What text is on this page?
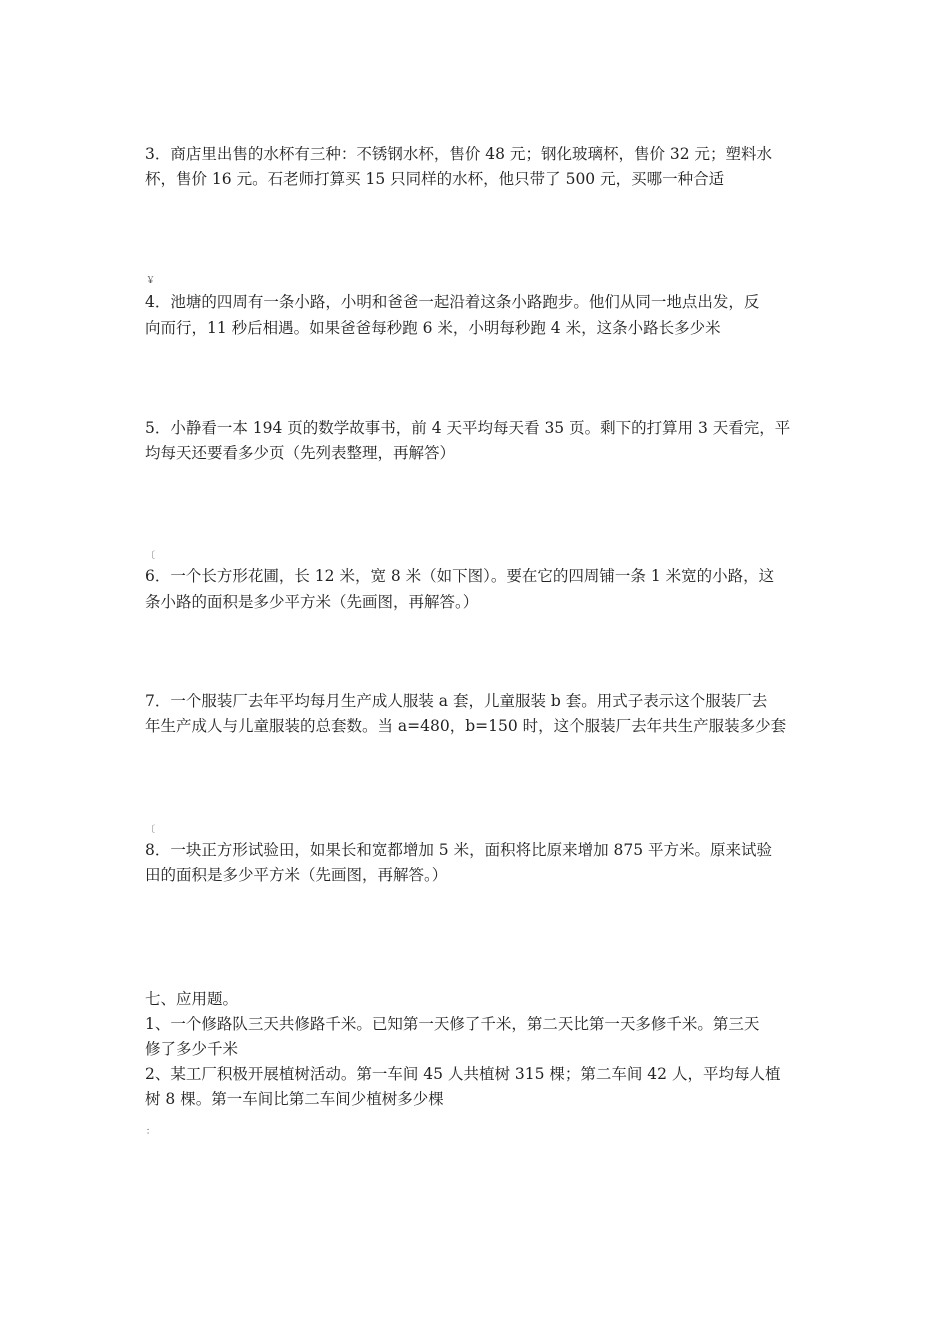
3．商店里出售的水杯有三种：不锈钢水杯，售价 48 元；钢化玻璃杯，售价 32 元；塑料水
杯，售价 16 元。石老师打算买 15 只同样的水杯，他只带了 500 元，买哪一种合适
￥
4．池塘的四周有一条小路，小明和爸爸一起沿着这条小路跑步。他们从同一地点出发，反
向而行，11 秒后相遇。如果爸爸每秒跑 6 米，小明每秒跑 4 米，这条小路长多少米
5．小静看一本 194 页的数学故事书，前 4 天平均每天看 35 页。剩下的打算用 3 天看完，平
均每天还要看多少页（先列表整理，再解答）
〔
6．一个长方形花圃，长 12 米，宽 8 米（如下图）。要在它的四周铺一条 1 米宽的小路，这
条小路的面积是多少平方米（先画图，再解答。）
7．一个服装厂去年平均每月生产成人服装 a 套，儿童服装 b 套。用式子表示这个服装厂去
年生产成人与儿童服装的总套数。当 a=480，b=150 时，这个服装厂去年共生产服装多少套
〔
8．一块正方形试验田，如果长和宽都增加 5 米，面积将比原来增加 875 平方米。原来试验
田的面积是多少平方米（先画图，再解答。）
七、应用题。
1、一个修路队三天共修路千米。已知第一天修了千米，第二天比第一天多修千米。第三天
修了多少千米
2、某工厂积极开展植树活动。第一车间 45 人共植树 315 棵；第二车间 42 人，平均每人植
树 8 棵。第一车间比第二车间少植树多少棵
：
